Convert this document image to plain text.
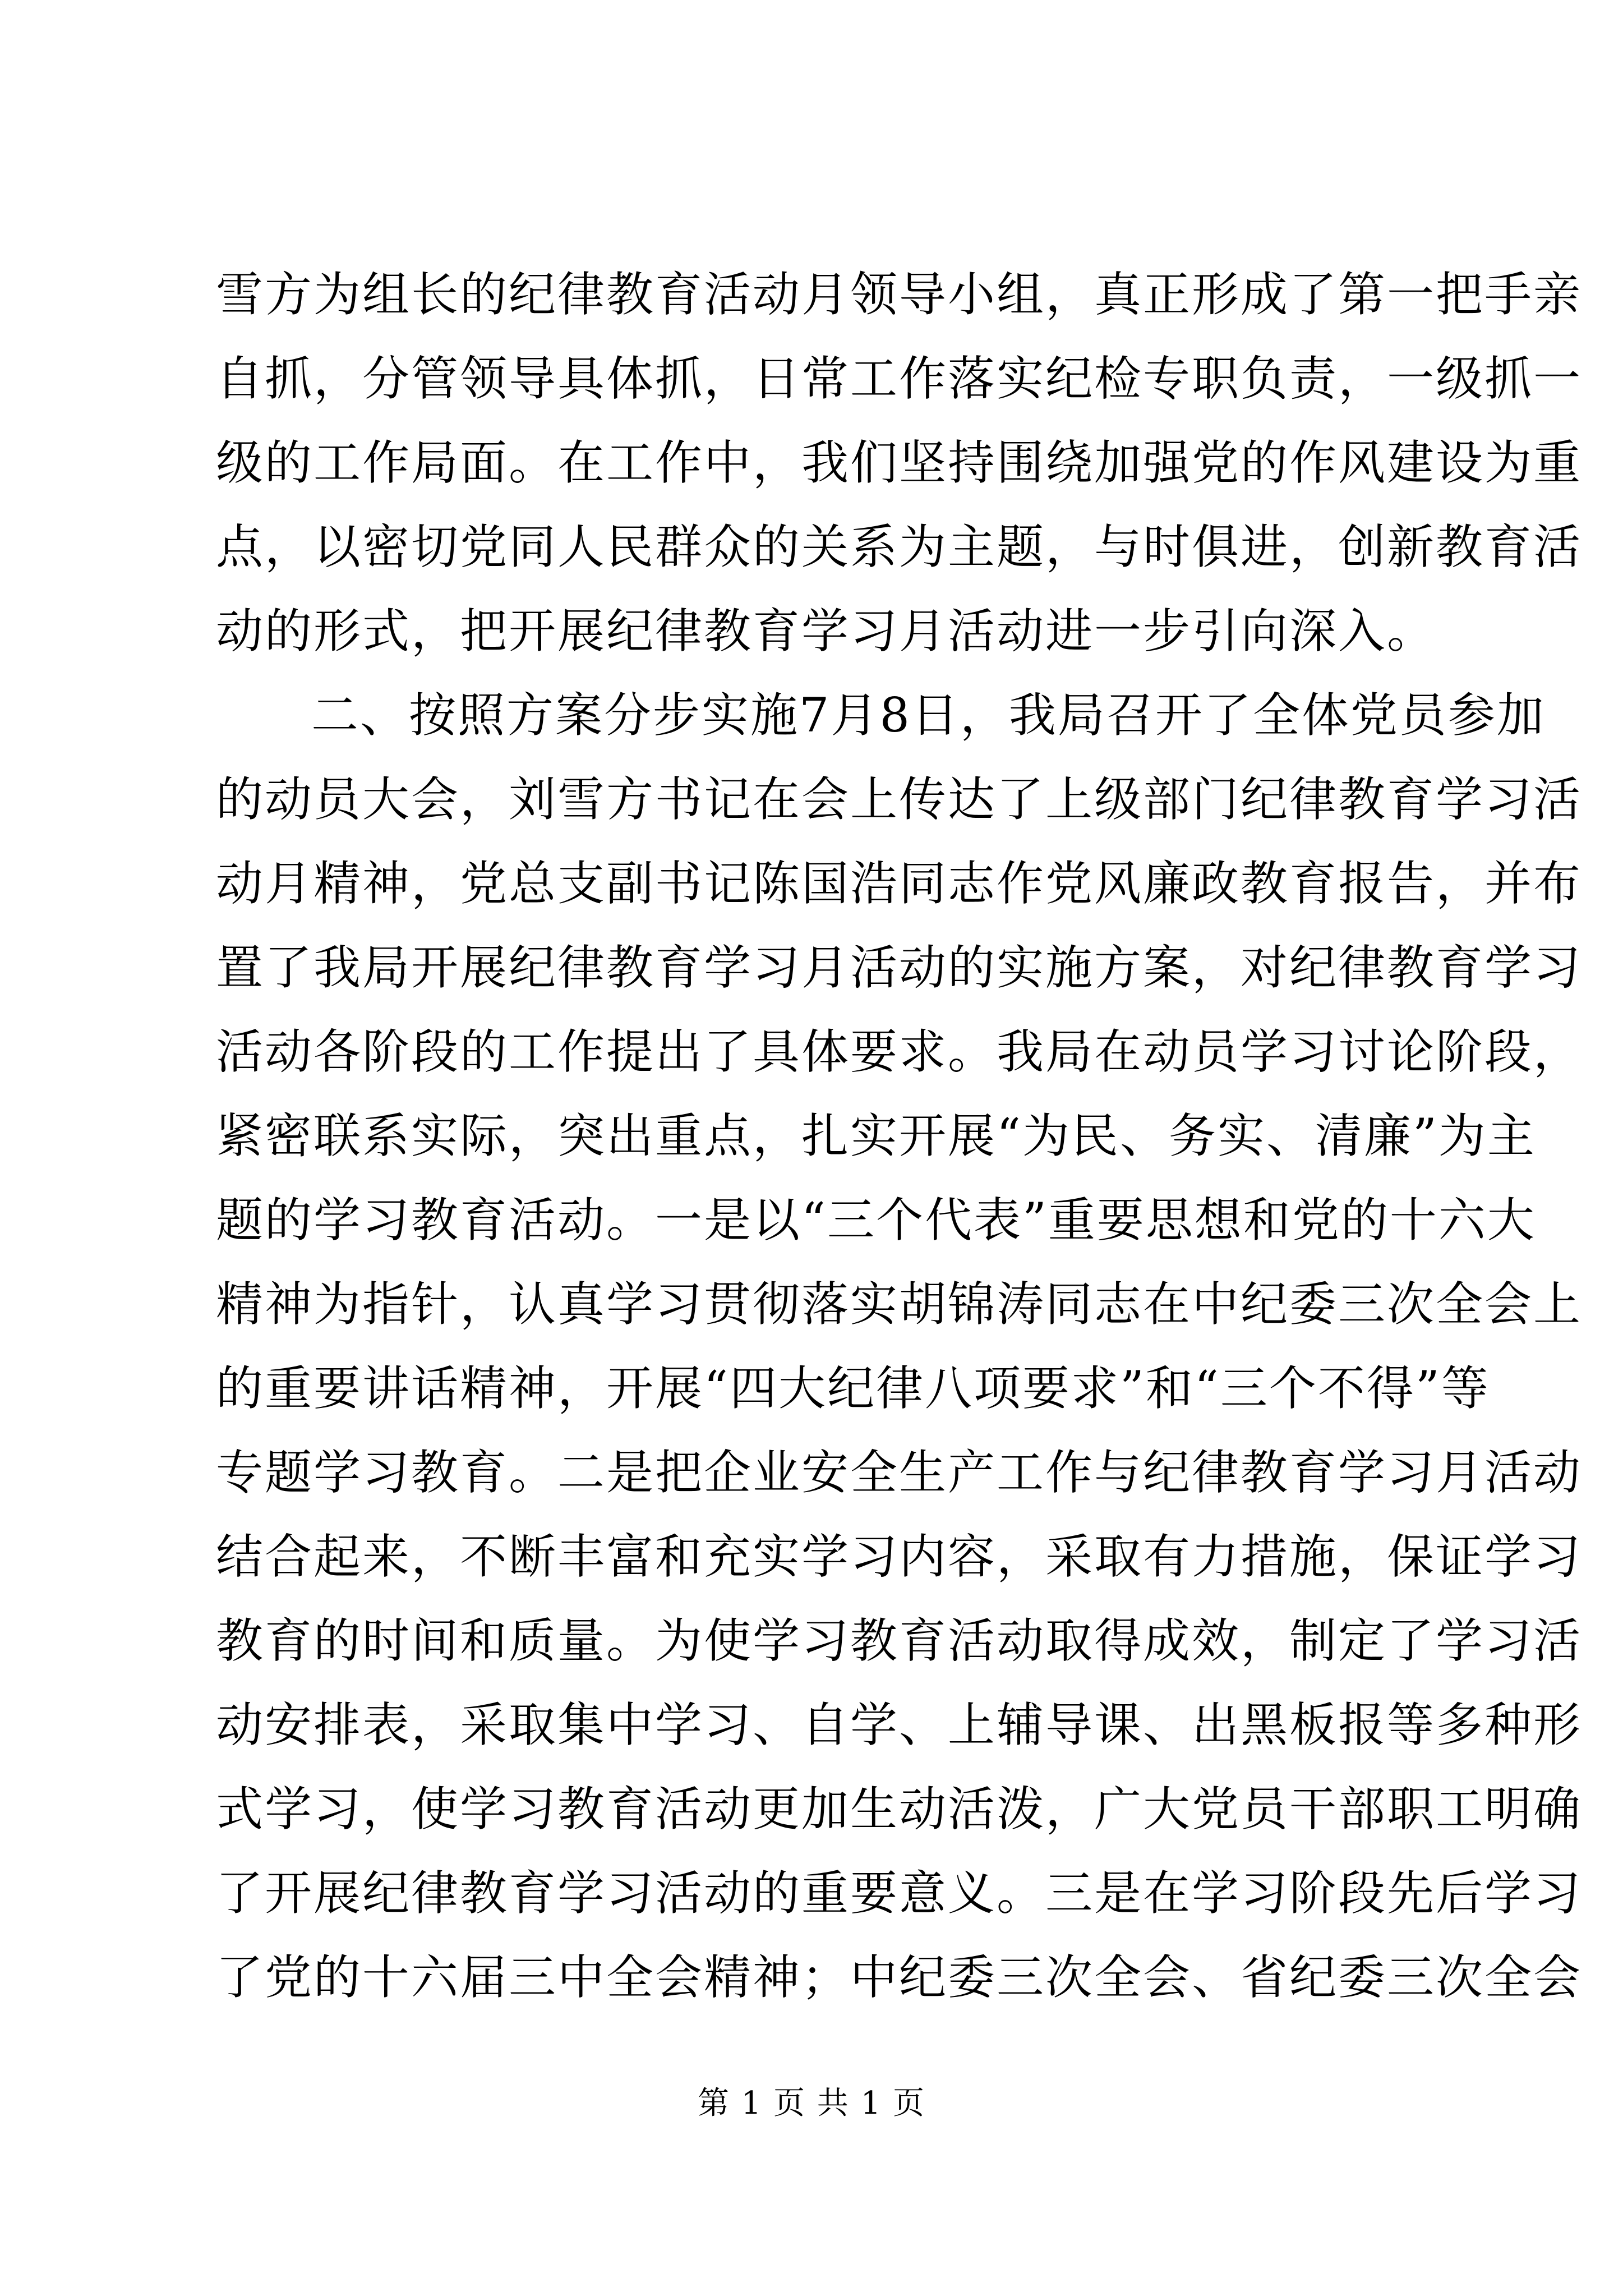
雪方为组长的纪律教育活动月领导小组，真正形成了第一把手亲
自抓，分管领导具体抓，日常工作落实纪检专职负责，一级抓一
级的工作局面。在工作中，我们坚持围绕加强党的作风建设为重
点，以密切党同人民群众的关系为主题，与时俱进，创新教育活
动的形式，把开展纪律教育学习月活动进一步引向深入。
二、按照方案分步实施7月8日，我局召开了全体党员参加
的动员大会，刘雪方书记在会上传达了上级部门纪律教育学习活
动月精神，党总支副书记陈国浩同志作党风廉政教育报告，并布
置了我局开展纪律教育学习月活动的实施方案，对纪律教育学习
活动各阶段的工作提出了具体要求。我局在动员学习讨论阶段，
紧密联系实际，突出重点，扎实开展“为民、务实、清廉”为主
题的学习教育活动。一是以“三个代表”重要思想和党的十六大
精神为指针，认真学习贯彻落实胡锦涛同志在中纪委三次全会上
的重要讲话精神，开展“四大纪律八项要求”和“三个不得”等
专题学习教育。二是把企业安全生产工作与纪律教育学习月活动
结合起来，不断丰富和充实学习内容，采取有力措施，保证学习
教育的时间和质量。为使学习教育活动取得成效，制定了学习活
动安排表，采取集中学习、自学、上辅导课、出黑板报等多种形
式学习，使学习教育活动更加生动活泼，广大党员干部职工明确
了开展纪律教育学习活动的重要意义。三是在学习阶段先后学习
了党的十六届三中全会精神；中纪委三次全会、省纪委三次全会
第 1 页 共 1 页
